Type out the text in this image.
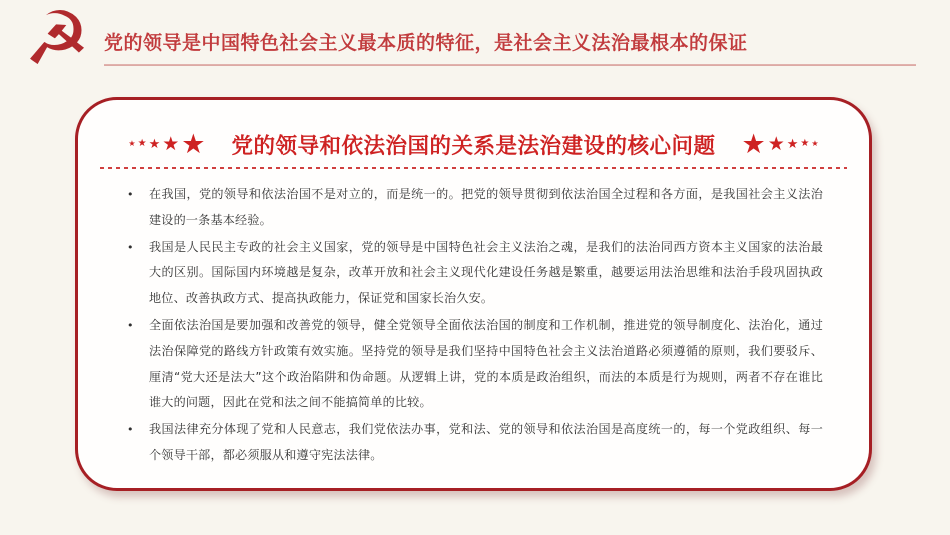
☭ 党的领导是中国特色社会主义最本质的特征，是社会主义法治最根本的保证
★ ★ ★ ★ ★ 党的领导和依法治国的关系是法治建设的核心问题 ★ ★ ★ ★ ★
•	在我国，党的领导和依法治国不是对立的，而是统一的。把党的领导贯彻到依法治国全过程和各方面，是我国社会主义法治建设的一条基本经验。
•	我国是人民民主专政的社会主义国家，党的领导是中国特色社会主义法治之魂，是我们的法治同西方资本主义国家的法治最大的区别。国际国内环境越是复杂，改革开放和社会主义现代化建设任务越是繁重，越要运用法治思维和法治手段巩固执政地位、改善执政方式、提高执政能力，保证党和国家长治久安。
•	全面依法治国是要加强和改善党的领导，健全党领导全面依法治国的制度和工作机制，推进党的领导制度化、法治化，通过法治保障党的路线方针政策有效实施。坚持党的领导是我们坚持中国特色社会主义法治道路必须遵循的原则，我们要驳斥、厘清“党大还是法大”这个政治陷阱和伪命题。从逻辑上讲，党的本质是政治组织，而法的本质是行为规则，两者不存在谁比谁大的问题，因此在党和法之间不能搞简单的比较。
•	我国法律充分体现了党和人民意志，我们党依法办事，党和法、党的领导和依法治国是高度统一的，每一个党政组织、每一个领导干部，都必须服从和遵守宪法法律。
